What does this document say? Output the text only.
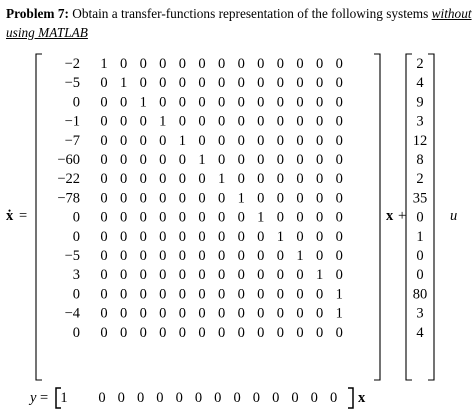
Problem 7: Obtain a transfer-functions representation of the following systems without using MATLAB
−2 1 0 0 0 0 0 0 0 0 0 0 0 0
−5 0 1 0 0 0 0 0 0 0 0 0 0 0
0 0 0 1 0 0 0 0 0 0 0 0 0 0
−1 0 0 0 1 0 0 0 0 0 0 0 0 0
−7 0 0 0 0 1 0 0 0 0 0 0 0 0
−60 0 0 0 0 0 1 0 0 0 0 0 0 0
−22 0 0 0 0 0 0 1 0 0 0 0 0 0
−78 0 0 0 0 0 0 0 1 0 0 0 0 0
0 0 0 0 0 0 0 0 0 1 0 0 0 0
0 0 0 0 0 0 0 0 0 0 1 0 0 0
−5 0 0 0 0 0 0 0 0 0 0 1 0 0
3 0 0 0 0 0 0 0 0 0 0 0 1 0
0 0 0 0 0 0 0 0 0 0 0 0 0 1
−4 0 0 0 0 0 0 0 0 0 0 0 0 1
0 0 0 0 0 0 0 0 0 0 0 0 0 0
2
4
9
3
12
8
2
35
0
1
0
0
80
3
4
1 0 0 0 0 0 0 0 0 0 0 0 0 0
ẋ =	x +	u
y =	x
